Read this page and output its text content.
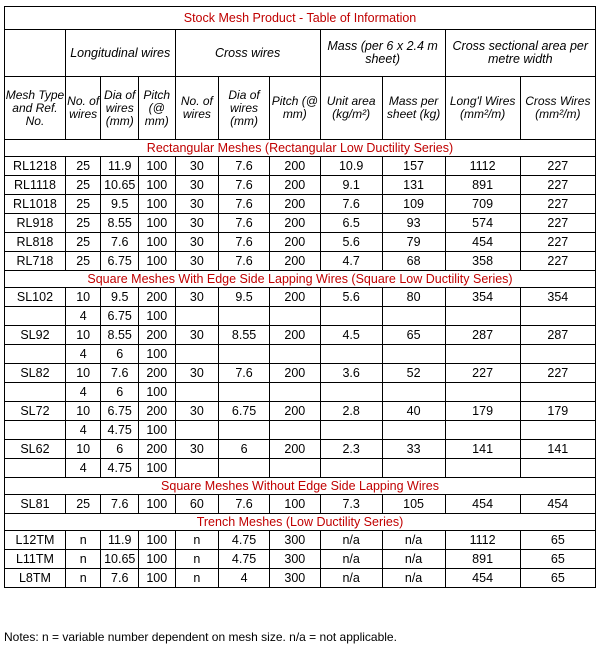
Stock Mesh Product - Table of Information										
	Longitudinal wires			Cross wires			Mass (per 6 x 2.4 m sheet)		Cross sectional area per metre width	
Mesh Type and Ref. No.	No. of wires	Dia of wires (mm)	Pitch (@ mm)	No. of wires	Dia of wires (mm)	Pitch (@ mm)	Unit area (kg/m²)	Mass per sheet (kg)	Long'l Wires (mm²/m)	Cross Wires (mm²/m)
Rectangular Meshes (Rectangular Low Ductility Series)										
RL1218	25	11.9	100	30	7.6	200	10.9	157	1112	227
RL1118	25	10.65	100	30	7.6	200	9.1	131	891	227
RL1018	25	9.5	100	30	7.6	200	7.6	109	709	227
RL918	25	8.55	100	30	7.6	200	6.5	93	574	227
RL818	25	7.6	100	30	7.6	200	5.6	79	454	227
RL718	25	6.75	100	30	7.6	200	4.7	68	358	227
Square Meshes With Edge Side Lapping Wires (Square Low Ductility Series)										
SL102	10	9.5	200	30	9.5	200	5.6	80	354	354
	4	6.75	100							
SL92	10	8.55	200	30	8.55	200	4.5	65	287	287
	4	6	100							
SL82	10	7.6	200	30	7.6	200	3.6	52	227	227
	4	6	100							
SL72	10	6.75	200	30	6.75	200	2.8	40	179	179
	4	4.75	100							
SL62	10	6	200	30	6	200	2.3	33	141	141
	4	4.75	100							
Square Meshes Without Edge Side Lapping Wires										
SL81	25	7.6	100	60	7.6	100	7.3	105	454	454
Trench Meshes (Low Ductility Series)										
L12TM	n	11.9	100	n	4.75	300	n/a	n/a	1112	65
L11TM	n	10.65	100	n	4.75	300	n/a	n/a	891	65
L8TM	n	7.6	100	n	4	300	n/a	n/a	454	65
Notes: n = variable number dependent on mesh size. n/a = not applicable.
